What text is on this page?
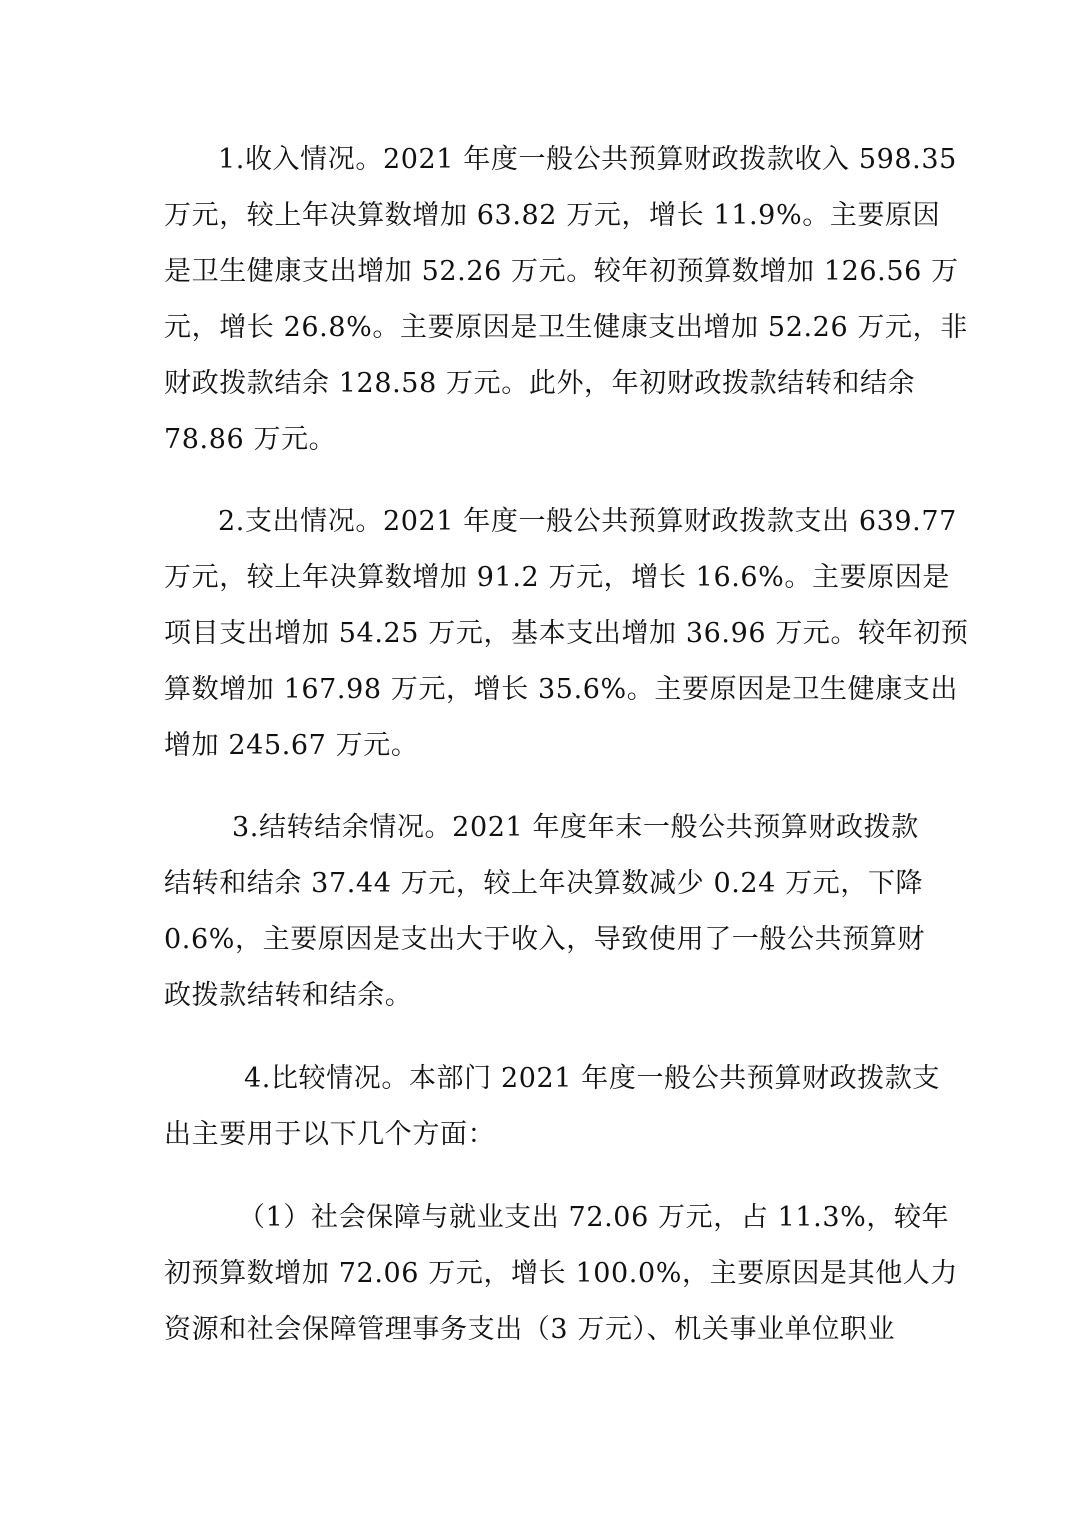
1.收入情况。2021 年度一般公共预算财政拨款收入 598.35

万元，较上年决算数增加 63.82 万元，增长 11.9%。主要原因

是卫生健康支出增加 52.26 万元。较年初预算数增加 126.56 万

元，增长 26.8%。主要原因是卫生健康支出增加 52.26 万元，非

财政拨款结余 128.58 万元。此外，年初财政拨款结转和结余

78.86 万元。

2.支出情况。2021 年度一般公共预算财政拨款支出 639.77

万元，较上年决算数增加 91.2 万元，增长 16.6%。主要原因是

项目支出增加 54.25 万元，基本支出增加 36.96 万元。较年初预

算数增加 167.98 万元，增长 35.6%。主要原因是卫生健康支出

增加 245.67 万元。

3.结转结余情况。2021 年度年末一般公共预算财政拨款

结转和结余 37.44 万元，较上年决算数减少 0.24 万元，下降

0.6%，主要原因是支出大于收入，导致使用了一般公共预算财

政拨款结转和结余。

4.比较情况。本部门 2021 年度一般公共预算财政拨款支

出主要用于以下几个方面：

（1）社会保障与就业支出 72.06 万元，占 11.3%，较年

初预算数增加 72.06 万元，增长 100.0%，主要原因是其他人力

资源和社会保障管理事务支出（3 万元）、机关事业单位职业
